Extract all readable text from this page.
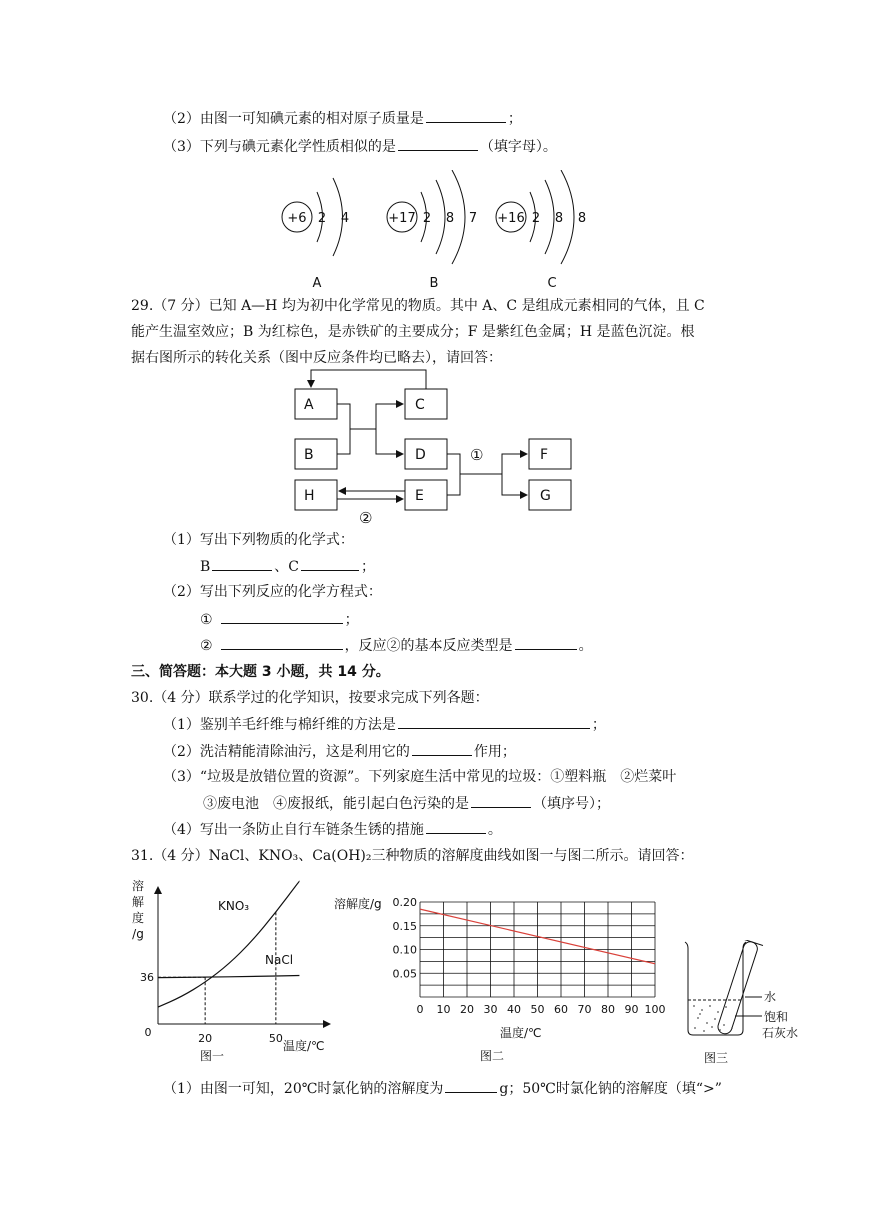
（2）由图一可知碘元素的相对原子质量是	；
（3）下列与碘元素化学性质相似的是	（填字母）。
+6 2 4
A
+17 2 8 7
B
+16 2 8 8
C
29.（7 分）已知 A—H 均为初中化学常见的物质。其中 A、C 是组成元素相同的气体，且 C
能产生温室效应；B 为红棕色，是赤铁矿的主要成分；F 是紫红色金属；H 是蓝色沉淀。根
据右图所示的转化关系（图中反应条件均已略去），请回答：
A
B
H
C
D
E
F
G
①
②
（1）写出下列物质的化学式：
B	、C	；
（2）写出下列反应的化学方程式：
①	；
②	，反应②的基本反应类型是	。
三、简答题：本大题 3 小题，共 14 分。
30.（4 分）联系学过的化学知识，按要求完成下列各题：
（1）鉴别羊毛纤维与棉纤维的方法是	；
（2）洗洁精能清除油污，这是利用它的	作用；
（3）“垃圾是放错位置的资源”。下列家庭生活中常见的垃圾：①塑料瓶　②烂菜叶
③废电池　④废报纸，能引起白色污染的是	（填序号）；
（4）写出一条防止自行车链条生锈的措施	。
31.（4 分）NaCl、KNO₃、Ca(OH)₂三种物质的溶解度曲线如图一与图二所示。请回答：
溶
解
度
/g
温度/℃
0	20	50
36
KNO₃
NaCl
图一
0 10 20 30 40 50 60 70 80 90 100
0.05
0.10
0.15
0.20
溶解度/g
温度/℃
图二
水
饱和
石灰水
图三
（1）由图一可知，20℃时氯化钠的溶解度为	g；50℃时氯化钠的溶解度（填“>”
